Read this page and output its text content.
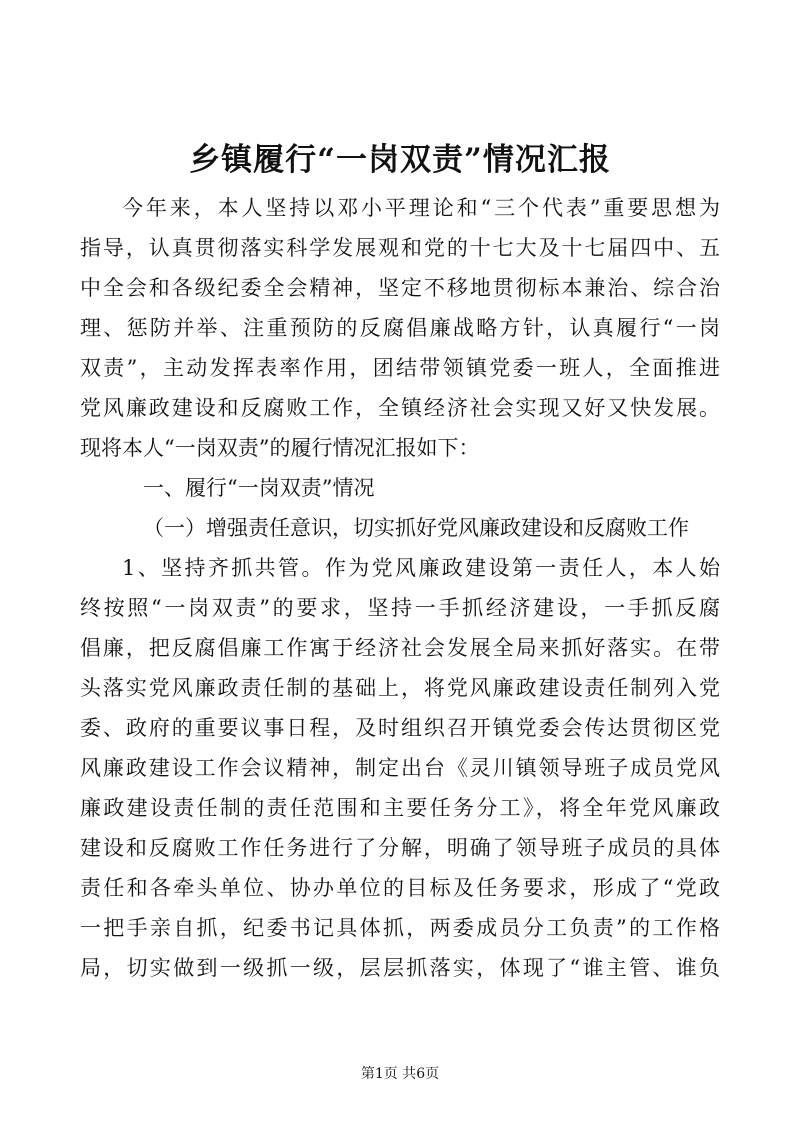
乡镇履行“一岗双责”情况汇报
今年来，本人坚持以邓小平理论和“三个代表”重要思想为
指导，认真贯彻落实科学发展观和党的十七大及十七届四中、五
中全会和各级纪委全会精神，坚定不移地贯彻标本兼治、综合治
理、惩防并举、注重预防的反腐倡廉战略方针，认真履行“一岗
双责”，主动发挥表率作用，团结带领镇党委一班人，全面推进
党风廉政建设和反腐败工作，全镇经济社会实现又好又快发展。
现将本人“一岗双责”的履行情况汇报如下：
一、履行“一岗双责”情况
（一）增强责任意识，切实抓好党风廉政建设和反腐败工作
1、坚持齐抓共管。作为党风廉政建设第一责任人，本人始
终按照“一岗双责”的要求，坚持一手抓经济建设，一手抓反腐
倡廉，把反腐倡廉工作寓于经济社会发展全局来抓好落实。在带
头落实党风廉政责任制的基础上，将党风廉政建设责任制列入党
委、政府的重要议事日程，及时组织召开镇党委会传达贯彻区党
风廉政建设工作会议精神，制定出台《灵川镇领导班子成员党风
廉政建设责任制的责任范围和主要任务分工》，将全年党风廉政
建设和反腐败工作任务进行了分解，明确了领导班子成员的具体
责任和各牵头单位、协办单位的目标及任务要求，形成了“党政
一把手亲自抓，纪委书记具体抓，两委成员分工负责”的工作格
局，切实做到一级抓一级，层层抓落实，体现了“谁主管、谁负
第1页 共6页
